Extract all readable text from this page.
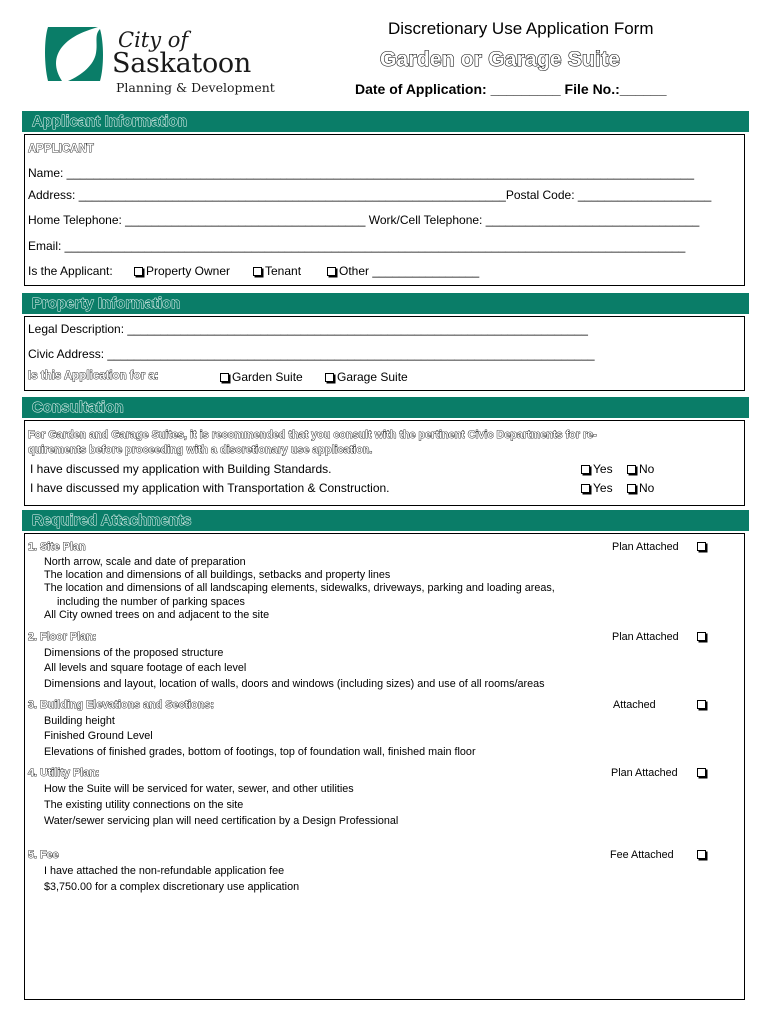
City of
Saskatoon
Planning & Development
Discretionary Use Application Form
Garden or Garage Suite
Date of Application: _________ File No.:______
Applicant Information
APPLICANT
Name: ______________________________________________________________________________________________
Address: ________________________________________________________________Postal Code: ____________________
Home Telephone: ____________________________________ Work/Cell Telephone: ________________________________
Email: _____________________________________________________________________________________________
Is the Applicant:	Property Owner	Tenant	Other ________________
Property Information
Legal Description: _____________________________________________________________________
Civic Address: _________________________________________________________________________
Is this Application for a:	Garden Suite	Garage Suite
Consultation
For Garden and Garage Suites, it is recommended that you consult with the pertinent Civic Departments for re-
quirements before proceeding with a discretionary use application.
I have discussed my application with Building Standards.	Yes	No
I have discussed my application with Transportation & Construction.	Yes	No
Required Attachments
1. Site Plan	Plan Attached
North arrow, scale and date of preparation
The location and dimensions of all buildings, setbacks and property lines
The location and dimensions of all landscaping elements, sidewalks, driveways, parking and loading areas,
including the number of parking spaces
All City owned trees on and adjacent to the site
2. Floor Plan:	Plan Attached
Dimensions of the proposed structure
All levels and square footage of each level
Dimensions and layout, location of walls, doors and windows (including sizes) and use of all rooms/areas
3. Building Elevations and Sections:	Attached
Building height
Finished Ground Level
Elevations of finished grades, bottom of footings, top of foundation wall, finished main floor
4. Utility Plan:	Plan Attached
How the Suite will be serviced for water, sewer, and other utilities
The existing utility connections on the site
Water/sewer servicing plan will need certification by a Design Professional
5. Fee	Fee Attached
I have attached the non-refundable application fee
$3,750.00 for a complex discretionary use application
